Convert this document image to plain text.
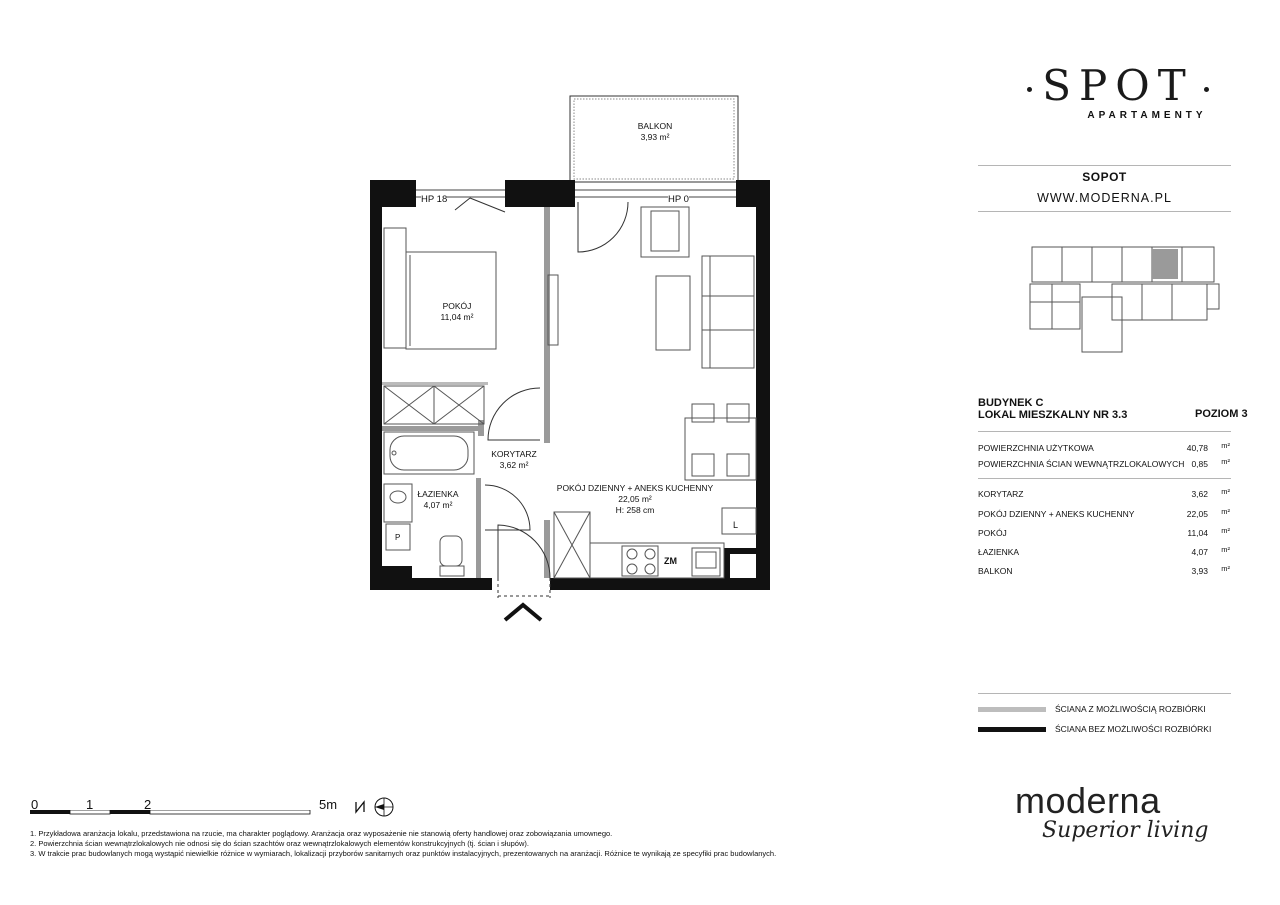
BALKON
3,93 m²
POKÓJ
11,04 m²
KORYTARZ
3,62 m²
ŁAZIENKA
4,07 m²
POKÓJ DZIENNY + ANEKS KUCHENNY
22,05 m²
H: 258 cm
HP 18	HP 0
ZM
L
P
SPOT
APARTAMENTY
SOPOT
WWW.MODERNA.PL
BUDYNEK C
LOKAL MIESZKALNY NR 3.3	POZIOM 3
POWIERZCHNIA UŻYTKOWA	40,78 m²
POWIERZCHNIA ŚCIAN WEWNĄTRZLOKALOWYCH 0,85 m²
KORYTARZ	3,62 m²
POKÓJ DZIENNY + ANEKS KUCHENNY	22,05 m²
POKÓJ	11,04 m²
ŁAZIENKA	4,07 m²
BALKON	3,93 m²
ŚCIANA Z MOŻLIWOŚCIĄ ROZBIÓRKI
ŚCIANA BEZ MOŻLIWOŚCI ROZBIÓRKI
0	1	2	5m
1. Przykładowa aranżacja lokalu, przedstawiona na rzucie, ma charakter poglądowy. Aranżacja oraz wyposażenie nie stanowią oferty handlowej oraz zobowiązania umownego.
2. Powierzchnia ścian wewnątrzlokalowych nie odnosi się do ścian szachtów oraz wewnątrzlokalowych elementów konstrukcyjnych (tj. ścian i słupów).
3. W trakcie prac budowlanych mogą wystąpić niewielkie różnice w wymiarach, lokalizacji przyborów sanitarnych oraz punktów instalacyjnych, prezentowanych na aranżacji. Różnice te wynikają ze specyfiki prac budowlanych.
moderna
Superior living
